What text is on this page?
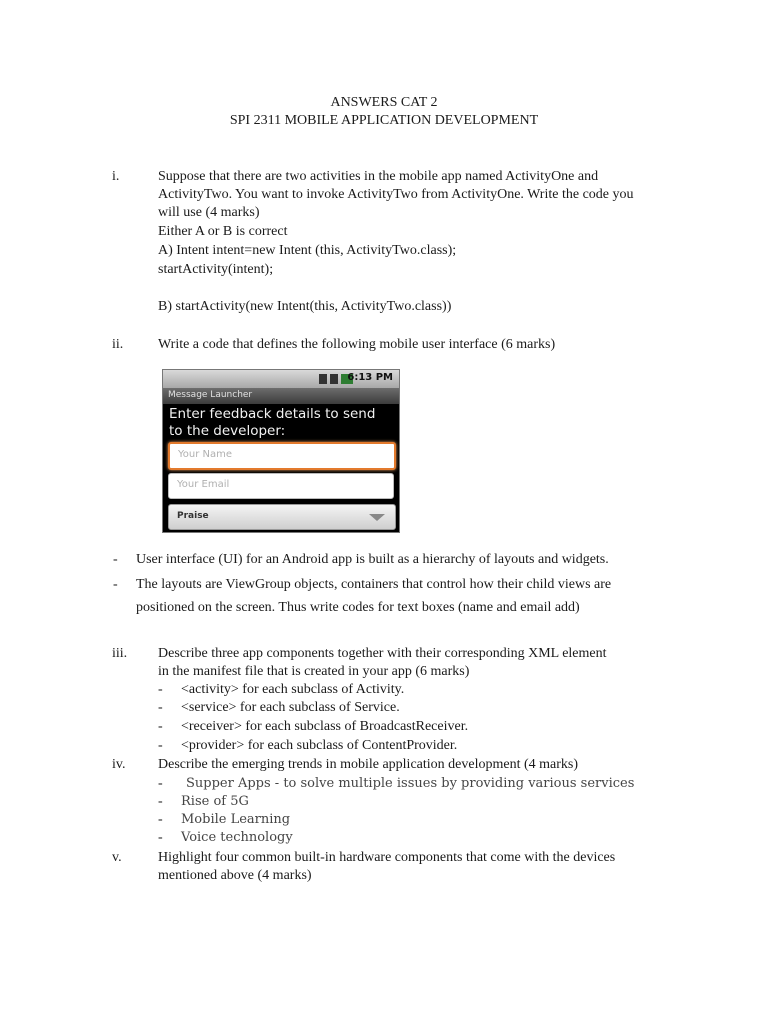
ANSWERS CAT 2
SPI 2311 MOBILE APPLICATION DEVELOPMENT
i.	Suppose that there are two activities in the mobile app named ActivityOne and
ActivityTwo. You want to invoke ActivityTwo from ActivityOne. Write the code you
will use (4 marks)
Either A or B is correct
A) Intent intent=new Intent (this, ActivityTwo.class);
startActivity(intent);
B) startActivity(new Intent(this, ActivityTwo.class))
ii. Write a code that defines the following mobile user interface (6 marks)
6:13 PM
Message Launcher
Enter feedback details to send
to the developer:
Your Name
Your Email
Praise
- User interface (UI) for an Android app is built as a hierarchy of layouts and widgets.
- The layouts are ViewGroup objects, containers that control how their child views are
positioned on the screen. Thus write codes for text boxes (name and email add)
iii. Describe three app components together with their corresponding XML element
in the manifest file that is created in your app (6 marks)
- <activity> for each subclass of Activity.
- <service> for each subclass of Service.
- <receiver> for each subclass of BroadcastReceiver.
- <provider> for each subclass of ContentProvider.
iv. Describe the emerging trends in mobile application development (4 marks)
- Supper Apps - to solve multiple issues by providing various services
- Rise of 5G
- Mobile Learning
- Voice technology
v.	Highlight four common built-in hardware components that come with the devices
mentioned above (4 marks)
